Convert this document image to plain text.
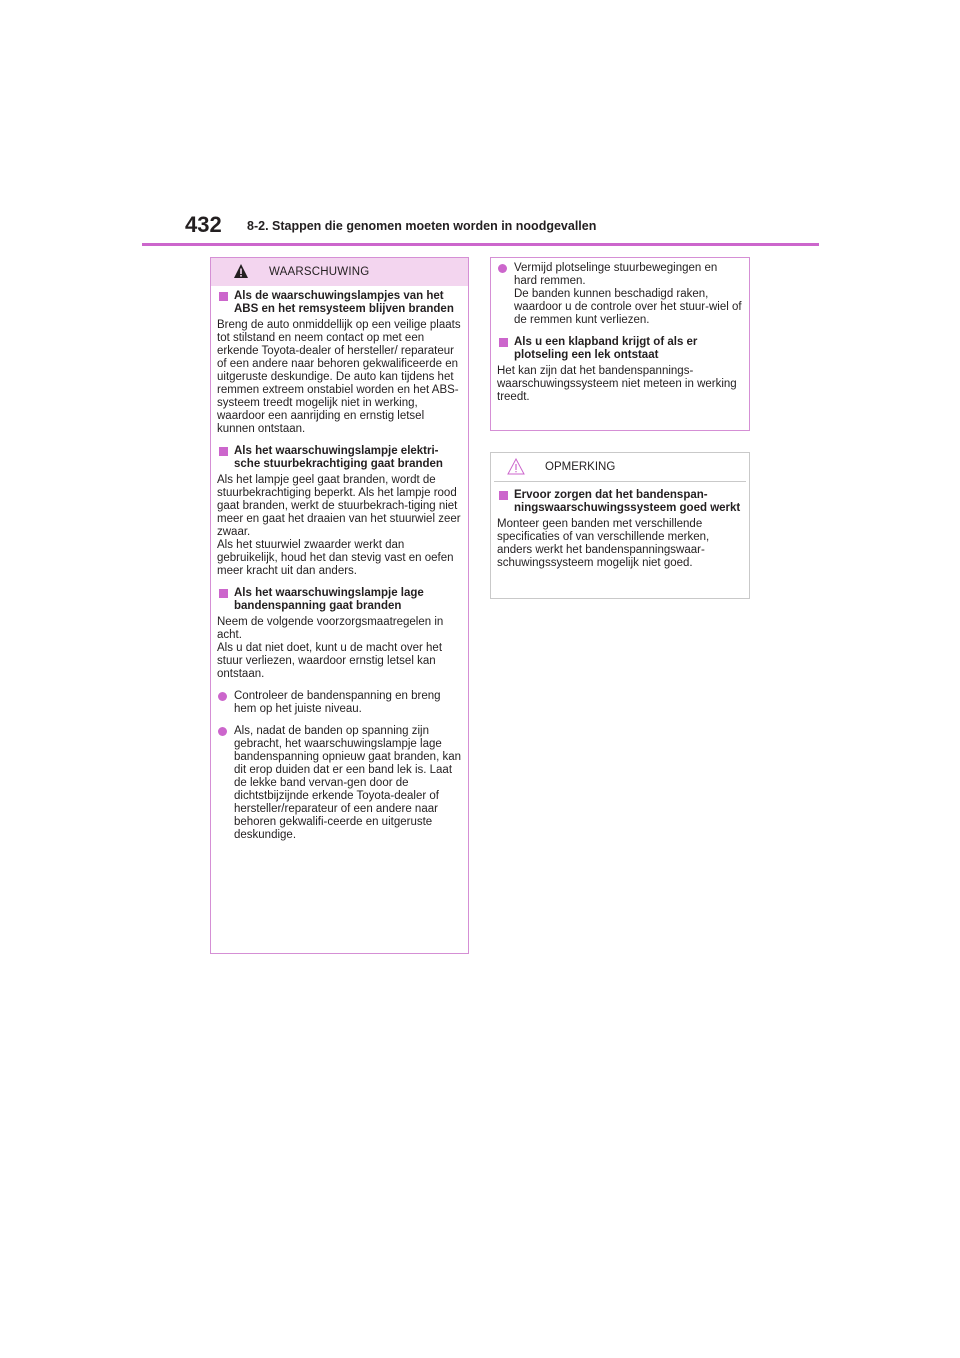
432 8-2. Stappen die genomen moeten worden in noodgevallen
WAARSCHUWING
Als de waarschuwingslampjes van het ABS en het remsysteem blijven branden
Breng de auto onmiddellijk op een veilige plaats tot stilstand en neem contact op met een erkende Toyota-dealer of hersteller/ reparateur of een andere naar behoren gekwalificeerde en uitgeruste deskundige. De auto kan tijdens het remmen extreem onstabiel worden en het ABS-systeem treedt mogelijk niet in werking, waardoor een aanrijding en ernstig letsel kunnen ontstaan.
Als het waarschuwingslampje elektri-sche stuurbekrachtiging gaat branden
Als het lampje geel gaat branden, wordt de stuurbekrachtiging beperkt. Als het lampje rood gaat branden, werkt de stuurbekrach-tiging niet meer en gaat het draaien van het stuurwiel zeer zwaar.
Als het stuurwiel zwaarder werkt dan gebruikelijk, houd het dan stevig vast en oefen meer kracht uit dan anders.
Als het waarschuwingslampje lage bandenspanning gaat branden
Neem de volgende voorzorgsmaatregelen in acht.
Als u dat niet doet, kunt u de macht over het stuur verliezen, waardoor ernstig letsel kan ontstaan.
Controleer de bandenspanning en breng hem op het juiste niveau.
Als, nadat de banden op spanning zijn gebracht, het waarschuwingslampje lage bandenspanning opnieuw gaat branden, kan dit erop duiden dat er een band lek is. Laat de lekke band vervan-gen door de dichtstbijzijnde erkende Toyota-dealer of hersteller/reparateur of een andere naar behoren gekwalifi-ceerde en uitgeruste deskundige.
Vermijd plotselinge stuurbewegingen en hard remmen.
De banden kunnen beschadigd raken, waardoor u de controle over het stuur-wiel of de remmen kunt verliezen.
Als u een klapband krijgt of als er plotseling een lek ontstaat
Het kan zijn dat het bandenspannings-waarschuwingssysteem niet meteen in werking treedt.
OPMERKING
Ervoor zorgen dat het bandenspan-ningswaarschuwingssysteem goed werkt
Monteer geen banden met verschillende specificaties of van verschillende merken, anders werkt het bandenspanningswaar-schuwingssysteem mogelijk niet goed.
